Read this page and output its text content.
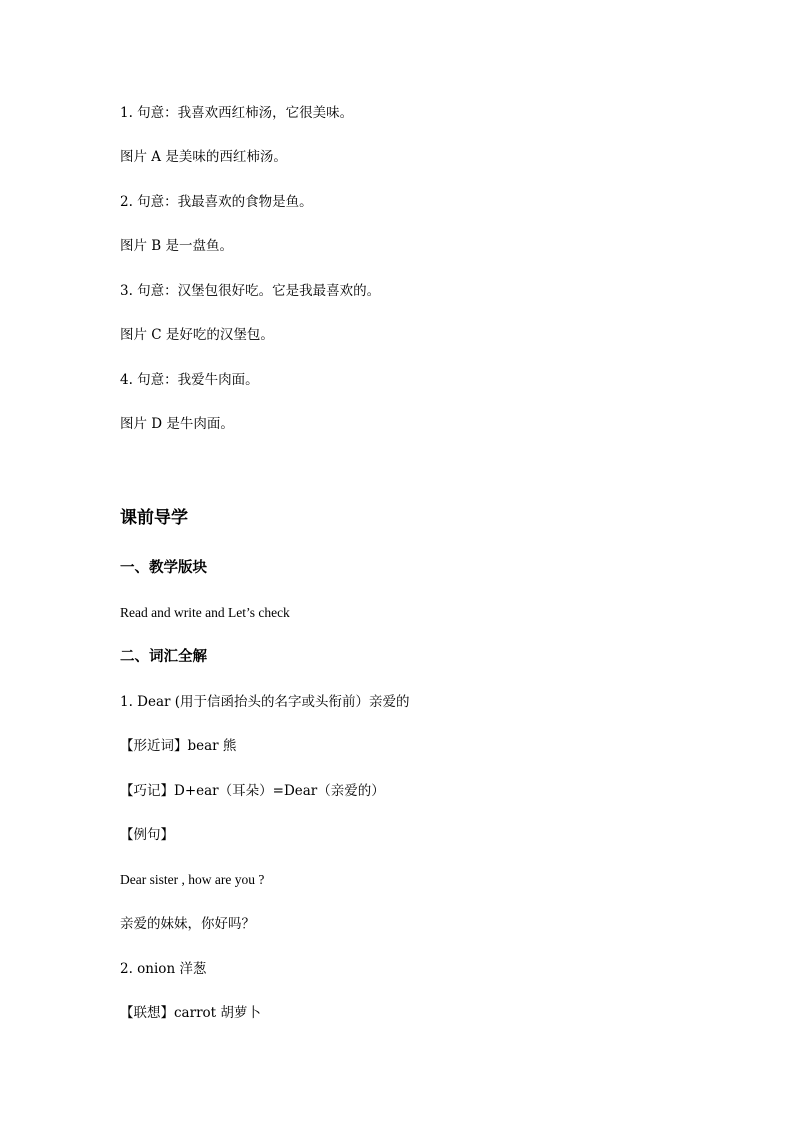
1. 句意：我喜欢西红柿汤，它很美味。
图片 A 是美味的西红柿汤。
2. 句意：我最喜欢的食物是鱼。
图片 B 是一盘鱼。
3. 句意：汉堡包很好吃。它是我最喜欢的。
图片 C 是好吃的汉堡包。
4. 句意：我爱牛肉面。
图片 D 是牛肉面。
课前导学
一、教学版块
Read and write and Let’s check
二、词汇全解
1. Dear (用于信函抬头的名字或头衔前）亲爱的
【形近词】bear 熊
【巧记】D+ear（耳朵）=Dear（亲爱的）
【例句】
Dear sister , how are you ?
亲爱的妹妹，你好吗？
2. onion 洋葱
【联想】carrot 胡萝卜
